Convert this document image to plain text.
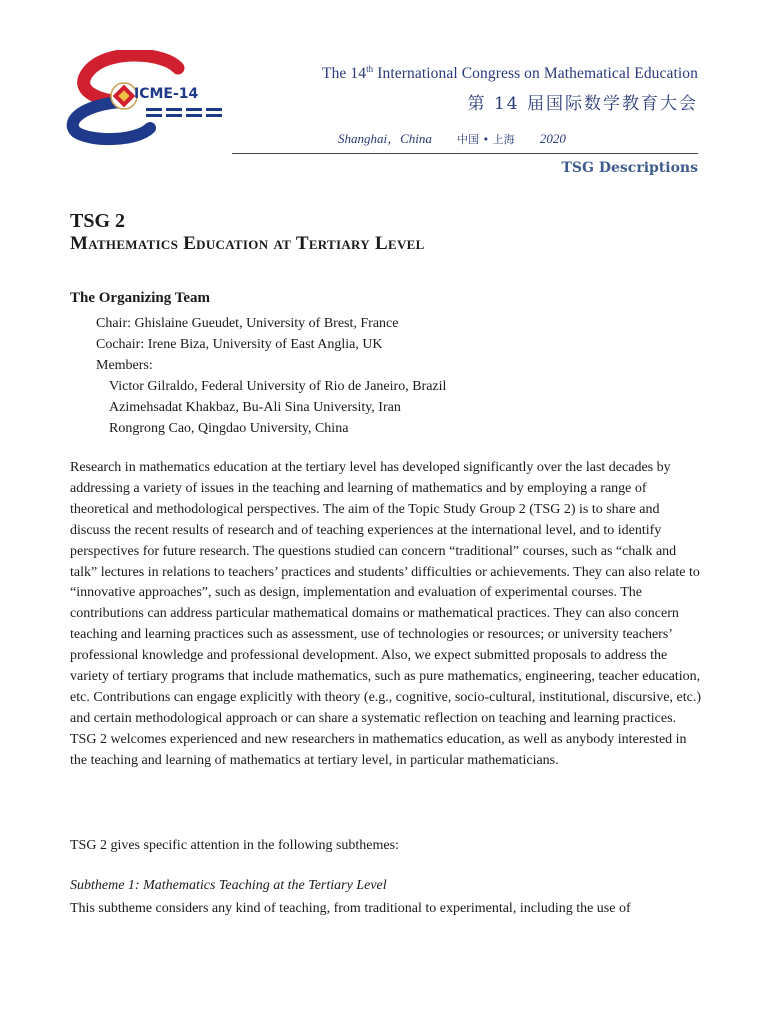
ICME-14
The 14th International Congress on Mathematical Education
第 14 届国际数学教育大会
Shanghai，China 中国 • 上海 2020
TSG Descriptions
TSG 2
Mathematics Education at Tertiary Level
The Organizing Team
Chair: Ghislaine Gueudet, University of Brest, France
Cochair: Irene Biza, University of East Anglia, UK
Members:
Victor Gilraldo, Federal University of Rio de Janeiro, Brazil
Azimehsadat Khakbaz, Bu-Ali Sina University, Iran
Rongrong Cao, Qingdao University, China
Research in mathematics education at the tertiary level has developed significantly over the last decades by addressing a variety of issues in the teaching and learning of mathematics and by employing a range of theoretical and methodological perspectives. The aim of the Topic Study Group 2 (TSG 2) is to share and discuss the recent results of research and of teaching experiences at the international level, and to identify perspectives for future research. The questions studied can concern “traditional” courses, such as “chalk and talk” lectures in relations to teachers’ practices and students’ difficulties or achievements. They can also relate to “innovative approaches”, such as design, implementation and evaluation of experimental courses. The contributions can address particular mathematical domains or mathematical practices. They can also concern teaching and learning practices such as assessment, use of technologies or resources; or university teachers’ professional knowledge and professional development. Also, we expect submitted proposals to address the variety of tertiary programs that include mathematics, such as pure mathematics, engineering, teacher education, etc. Contributions can engage explicitly with theory (e.g., cognitive, socio-cultural, institutional, discursive, etc.) and certain methodological approach or can share a systematic reflection on teaching and learning practices. TSG 2 welcomes experienced and new researchers in mathematics education, as well as anybody interested in the teaching and learning of mathematics at tertiary level, in particular mathematicians.
TSG 2 gives specific attention in the following subthemes:
Subtheme 1: Mathematics Teaching at the Tertiary Level
This subtheme considers any kind of teaching, from traditional to experimental, including the use of
